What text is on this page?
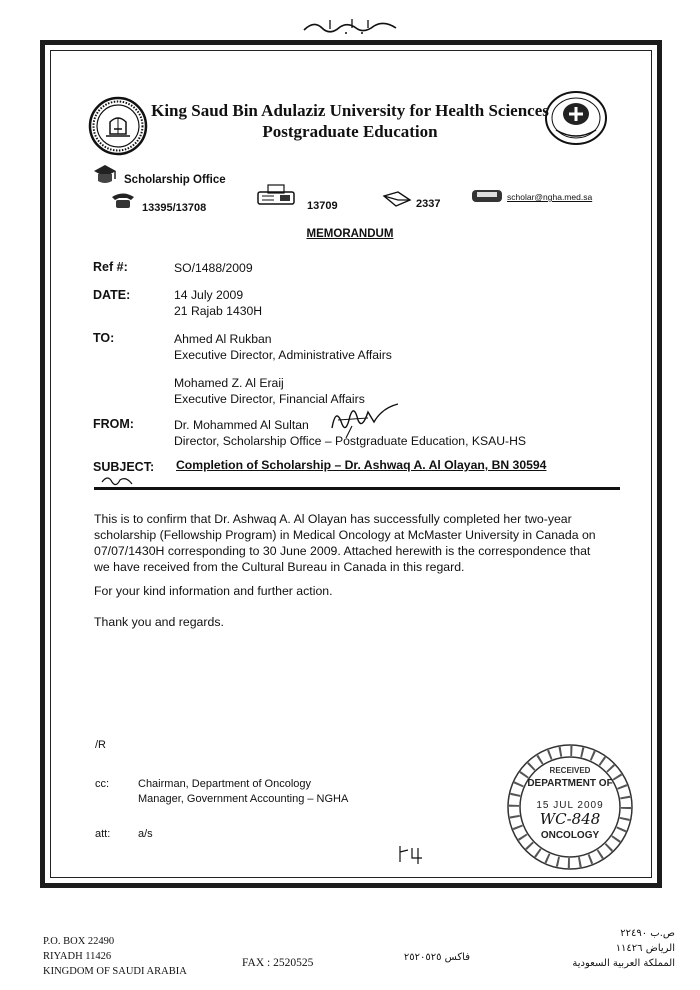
King Saud Bin Adulaziz University for Health Sciences
Postgraduate Education
Scholarship Office
13395/13708	13709	2337
scholar@ngha.med.sa
MEMORANDUM
Ref #:	SO/1488/2009
DATE:	14 July 2009
21 Rajab 1430H
TO:	Ahmed Al Rukban
Executive Director, Administrative Affairs
Mohamed Z. Al Eraij
Executive Director, Financial Affairs
FROM:	Dr. Mohammed Al Sultan
Director, Scholarship Office – Postgraduate Education, KSAU-HS
SUBJECT: Completion of Scholarship – Dr. Ashwaq A. Al Olayan, BN 30594
This is to confirm that Dr. Ashwaq A. Al Olayan has successfully completed her two-year
scholarship (Fellowship Program) in Medical Oncology at McMaster University in Canada on
07/07/1430H corresponding to 30 June 2009. Attached herewith is the correspondence that
we have received from the Cultural Bureau in Canada in this regard.
For your kind information and further action.
Thank you and regards.
/R
cc:	Chairman, Department of Oncology
Manager, Government Accounting – NGHA
att:	a/s
RECEIVED
DEPARTMENT OF
15 JUL 2009
WC-848
ONCOLOGY
P.O. BOX 22490
RIYADH 11426
KINGDOM OF SAUDI ARABIA
FAX : 2520525	فاكس ٢٥٢٠٥٢٥
ص.ب ٢٢٤٩٠
الرياض ١١٤٢٦
المملكة العربية السعودية
